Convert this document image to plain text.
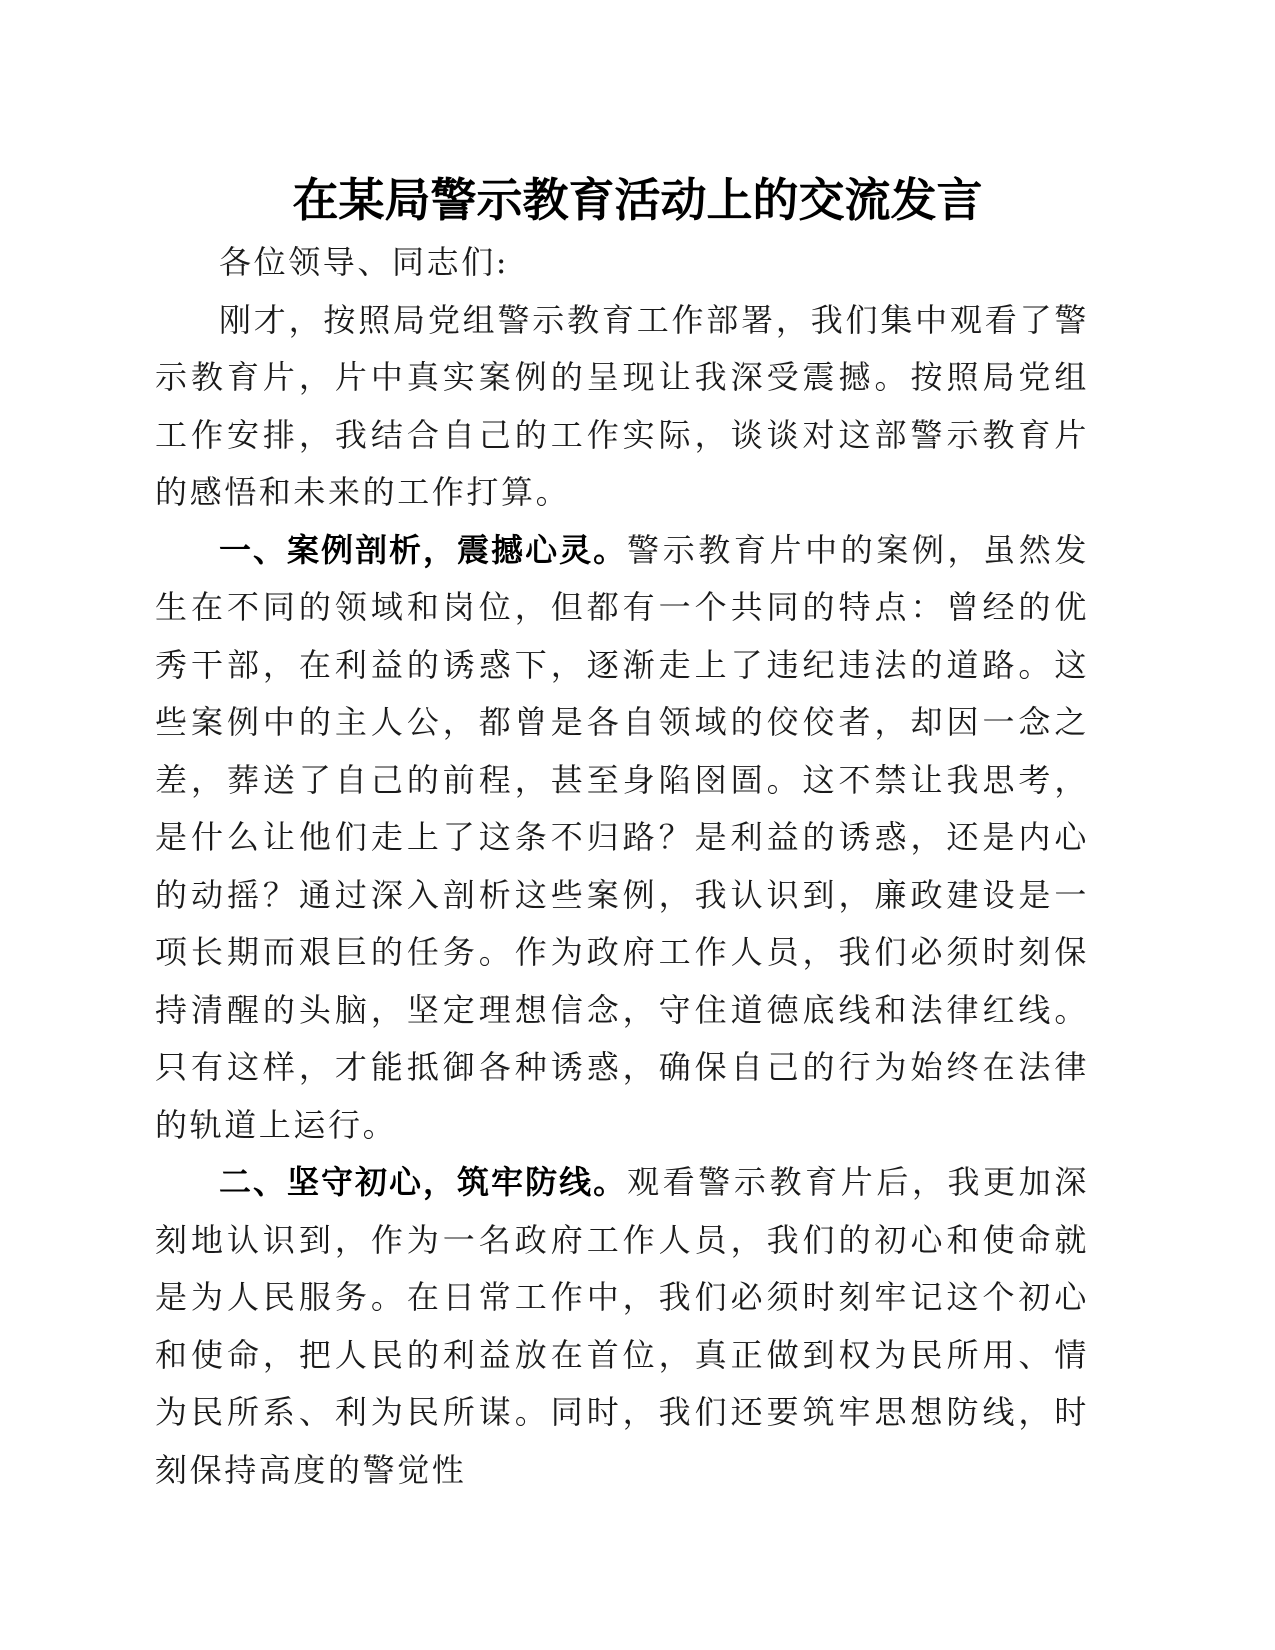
在某局警示教育活动上的交流发言

各位领导、同志们:

刚才，按照局党组警示教育工作部署，我们集中观看了警示教育片，片中真实案例的呈现让我深受震撼。按照局党组工作安排，我结合自己的工作实际，谈谈对这部警示教育片的感悟和未来的工作打算。

一、案例剖析，震撼心灵。警示教育片中的案例，虽然发生在不同的领域和岗位，但都有一个共同的特点：曾经的优秀干部，在利益的诱惑下，逐渐走上了违纪违法的道路。这些案例中的主人公，都曾是各自领域的佼佼者，却因一念之差，葬送了自己的前程，甚至身陷囹圄。这不禁让我思考，是什么让他们走上了这条不归路？是利益的诱惑，还是内心的动摇？通过深入剖析这些案例，我认识到，廉政建设是一项长期而艰巨的任务。作为政府工作人员，我们必须时刻保持清醒的头脑，坚定理想信念，守住道德底线和法律红线。只有这样，才能抵御各种诱惑，确保自己的行为始终在法律的轨道上运行。

二、坚守初心，筑牢防线。观看警示教育片后，我更加深刻地认识到，作为一名政府工作人员，我们的初心和使命就是为人民服务。在日常工作中，我们必须时刻牢记这个初心和使命，把人民的利益放在首位，真正做到权为民所用、情为民所系、利为民所谋。同时，我们还要筑牢思想防线，时刻保持高度的警觉性
